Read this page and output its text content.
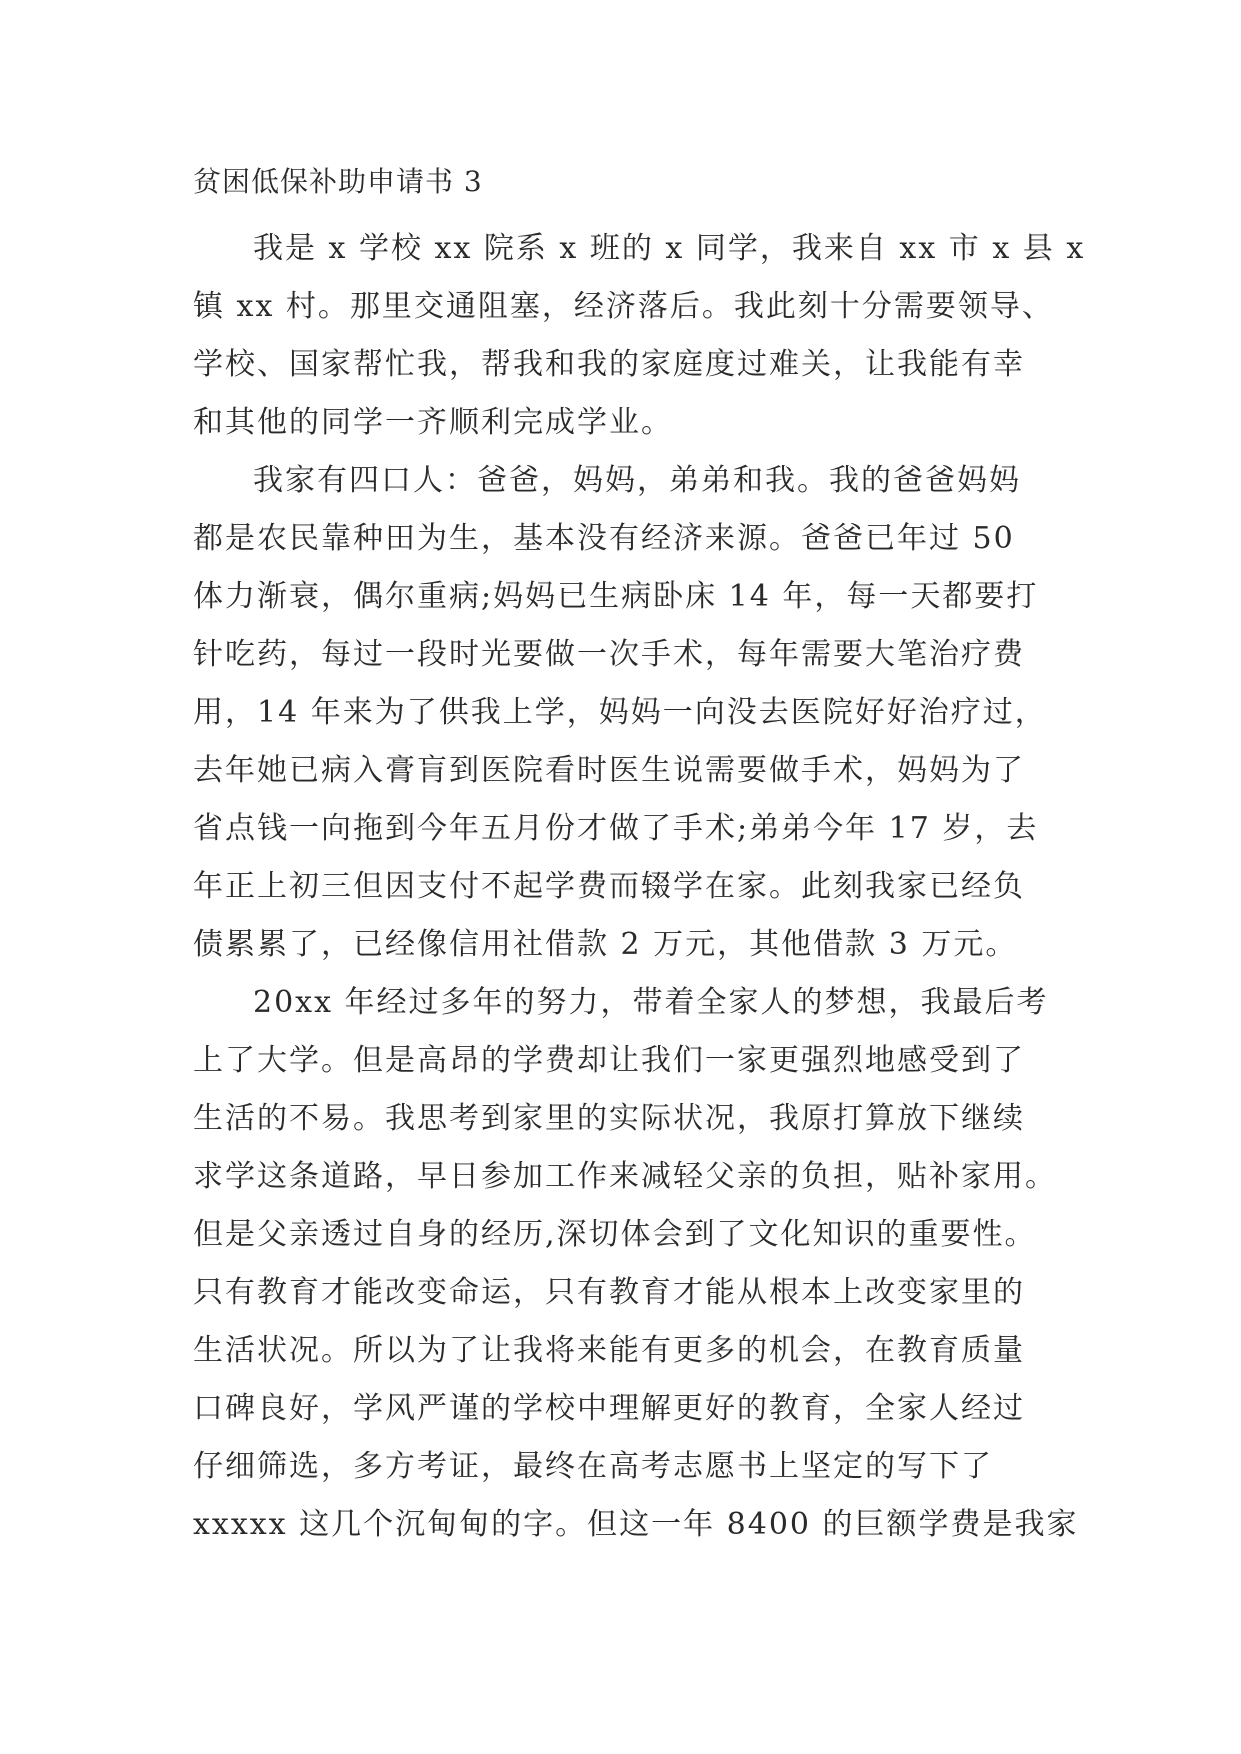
贫困低保补助申请书 3

我是 x 学校 xx 院系 x 班的 x 同学，我来自 xx 市 x 县 x
镇 xx 村。那里交通阻塞，经济落后。我此刻十分需要领导、
学校、国家帮忙我，帮我和我的家庭度过难关，让我能有幸
和其他的同学一齐顺利完成学业。

我家有四口人：爸爸，妈妈，弟弟和我。我的爸爸妈妈
都是农民靠种田为生，基本没有经济来源。爸爸已年过 50
体力渐衰，偶尔重病;妈妈已生病卧床 14 年，每一天都要打
针吃药，每过一段时光要做一次手术，每年需要大笔治疗费
用，14 年来为了供我上学，妈妈一向没去医院好好治疗过，
去年她已病入膏肓到医院看时医生说需要做手术，妈妈为了
省点钱一向拖到今年五月份才做了手术;弟弟今年 17 岁，去
年正上初三但因支付不起学费而辍学在家。此刻我家已经负
债累累了，已经像信用社借款 2 万元，其他借款 3 万元。

20xx 年经过多年的努力，带着全家人的梦想，我最后考
上了大学。但是高昂的学费却让我们一家更强烈地感受到了
生活的不易。我思考到家里的实际状况，我原打算放下继续
求学这条道路，早日参加工作来减轻父亲的负担，贴补家用。
但是父亲透过自身的经历,深切体会到了文化知识的重要性。
只有教育才能改变命运，只有教育才能从根本上改变家里的
生活状况。所以为了让我将来能有更多的机会，在教育质量
口碑良好，学风严谨的学校中理解更好的教育，全家人经过
仔细筛选，多方考证，最终在高考志愿书上坚定的写下了
xxxxx 这几个沉甸甸的字。但这一年 8400 的巨额学费是我家
